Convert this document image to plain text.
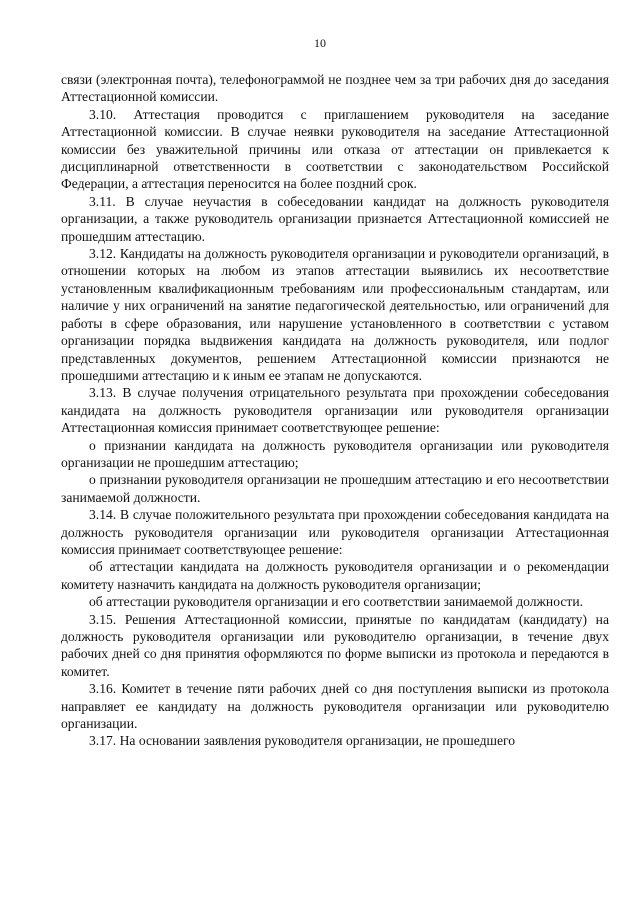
10

связи (электронная почта), телефонограммой не позднее чем за три рабочих дня до заседания Аттестационной комиссии.

3.10. Аттестация проводится с приглашением руководителя на заседание Аттестационной комиссии. В случае неявки руководителя на заседание Аттестационной комиссии без уважительной причины или отказа от аттестации он привлекается к дисциплинарной ответственности в соответствии с законодательством Российской Федерации, а аттестация переносится на более поздний срок.

3.11. В случае неучастия в собеседовании кандидат на должность руководителя организации, а также руководитель организации признается Аттестационной комиссией не прошедшим аттестацию.

3.12. Кандидаты на должность руководителя организации и руководители организаций, в отношении которых на любом из этапов аттестации выявились их несоответствие установленным квалификационным требованиям или профессиональным стандартам, или наличие у них ограничений на занятие педагогической деятельностью, или ограничений для работы в сфере образования, или нарушение установленного в соответствии с уставом организации порядка выдвижения кандидата на должность руководителя, или подлог представленных документов, решением Аттестационной комиссии признаются не прошедшими аттестацию и к иным ее этапам не допускаются.

3.13. В случае получения отрицательного результата при прохождении собеседования кандидата на должность руководителя организации или руководителя организации Аттестационная комиссия принимает соответствующее решение:

о признании кандидата на должность руководителя организации или руководителя организации не прошедшим аттестацию;

о признании руководителя организации не прошедшим аттестацию и его несоответствии занимаемой должности.

3.14. В случае положительного результата при прохождении собеседования кандидата на должность руководителя организации или руководителя организации Аттестационная комиссия принимает соответствующее решение:

об аттестации кандидата на должность руководителя организации и о рекомендации комитету назначить кандидата на должность руководителя организации;

об аттестации руководителя организации и его соответствии занимаемой должности.

3.15. Решения Аттестационной комиссии, принятые по кандидатам (кандидату) на должность руководителя организации или руководителю организации, в течение двух рабочих дней со дня принятия оформляются по форме выписки из протокола и передаются в комитет.

3.16. Комитет в течение пяти рабочих дней со дня поступления выписки из протокола направляет ее кандидату на должность руководителя организации или руководителю организации.

3.17. На основании заявления руководителя организации, не прошедшего
